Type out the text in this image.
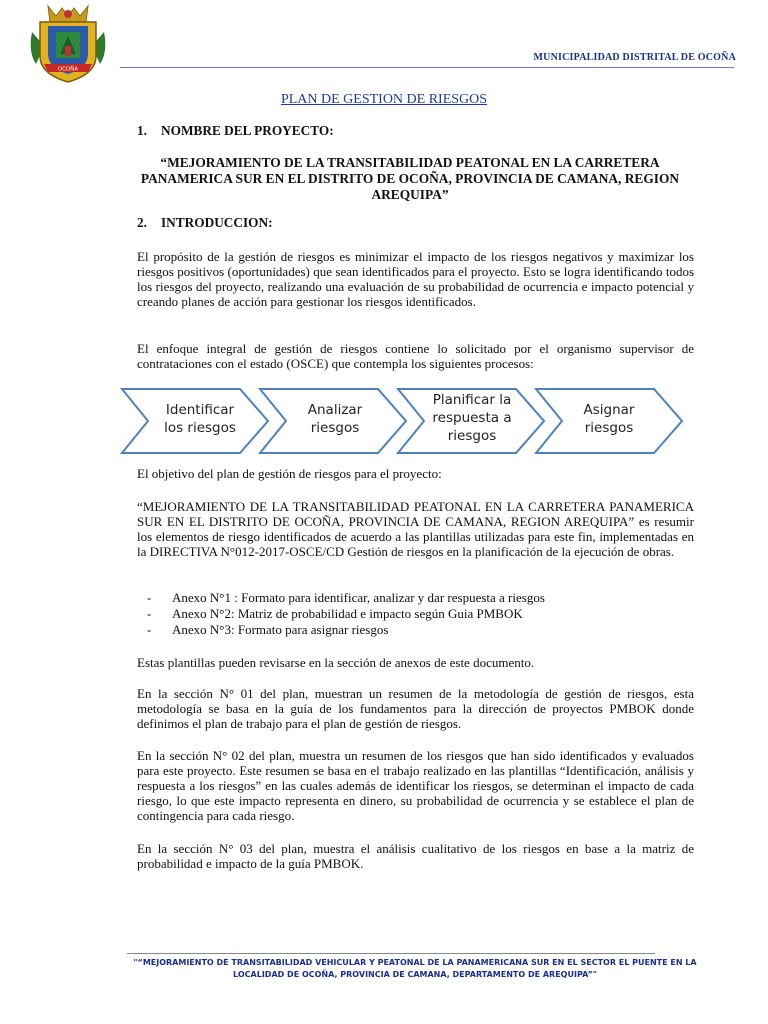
OCOÑA
MUNICIPALIDAD DISTRITAL DE OCOÑA
PLAN DE GESTION DE RIESGOS
1. NOMBRE DEL PROYECTO:
“MEJORAMIENTO DE LA TRANSITABILIDAD PEATONAL EN LA CARRETERA PANAMERICA SUR EN EL DISTRITO DE OCOÑA, PROVINCIA DE CAMANA, REGION AREQUIPA”
2. INTRODUCCION:
El propósito de la gestión de riesgos es minimizar el impacto de los riesgos negativos y maximizar los riesgos positivos (oportunidades) que sean identificados para el proyecto. Esto se logra identificando todos los riesgos del proyecto, realizando una evaluación de su probabilidad de ocurrencia e impacto potencial y creando planes de acción para gestionar los riesgos identificados.
El enfoque integral de gestión de riesgos contiene lo solicitado por el organismo supervisor de contrataciones con el estado (OSCE) que contempla los siguientes procesos:
Identificar
los riesgos
Analizar
riesgos
Planificar la
respuesta a
riesgos
Asignar
riesgos
El objetivo del plan de gestión de riesgos para el proyecto:
“MEJORAMIENTO DE LA TRANSITABILIDAD PEATONAL EN LA CARRETERA PANAMERICA SUR EN EL DISTRITO DE OCOÑA, PROVINCIA DE CAMANA, REGION AREQUIPA” es resumir los elementos de riesgo identificados de acuerdo a las plantillas utilizadas para este fin, implementadas en la DIRECTIVA N°012-2017-OSCE/CD Gestión de riesgos en la planificación de la ejecución de obras.
-	Anexo N°1 : Formato para identificar, analizar y dar respuesta a riesgos
-	Anexo N°2: Matriz de probabilidad e impacto según Guia PMBOK
-	Anexo N°3: Formato para asignar riesgos
Estas plantillas pueden revisarse en la sección de anexos de este documento.
En la sección N° 01 del plan, muestran un resumen de la metodología de gestión de riesgos, esta metodología se basa en la guía de los fundamentos para la dirección de proyectos PMBOK donde definimos el plan de trabajo para el plan de gestión de riesgos.
En la sección N° 02 del plan, muestra un resumen de los riesgos que han sido identificados y evaluados para este proyecto. Este resumen se basa en el trabajo realizado en las plantillas “Identificación, análisis y respuesta a los riesgos” en las cuales además de identificar los riesgos, se determinan el impacto de cada riesgo, lo que este impacto representa en dinero, su probabilidad de ocurrencia y se establece el plan de contingencia para cada riesgo.
En la sección N° 03 del plan, muestra el análisis cualitativo de los riesgos en base a la matriz de probabilidad e impacto de la guía PMBOK.
"“MEJORAMIENTO DE TRANSITABILIDAD VEHICULAR Y PEATONAL DE LA PANAMERICANA SUR EN EL SECTOR EL PUENTE EN LA
LOCALIDAD DE OCOÑA, PROVINCIA DE CAMANA, DEPARTAMENTO DE AREQUIPA”"
